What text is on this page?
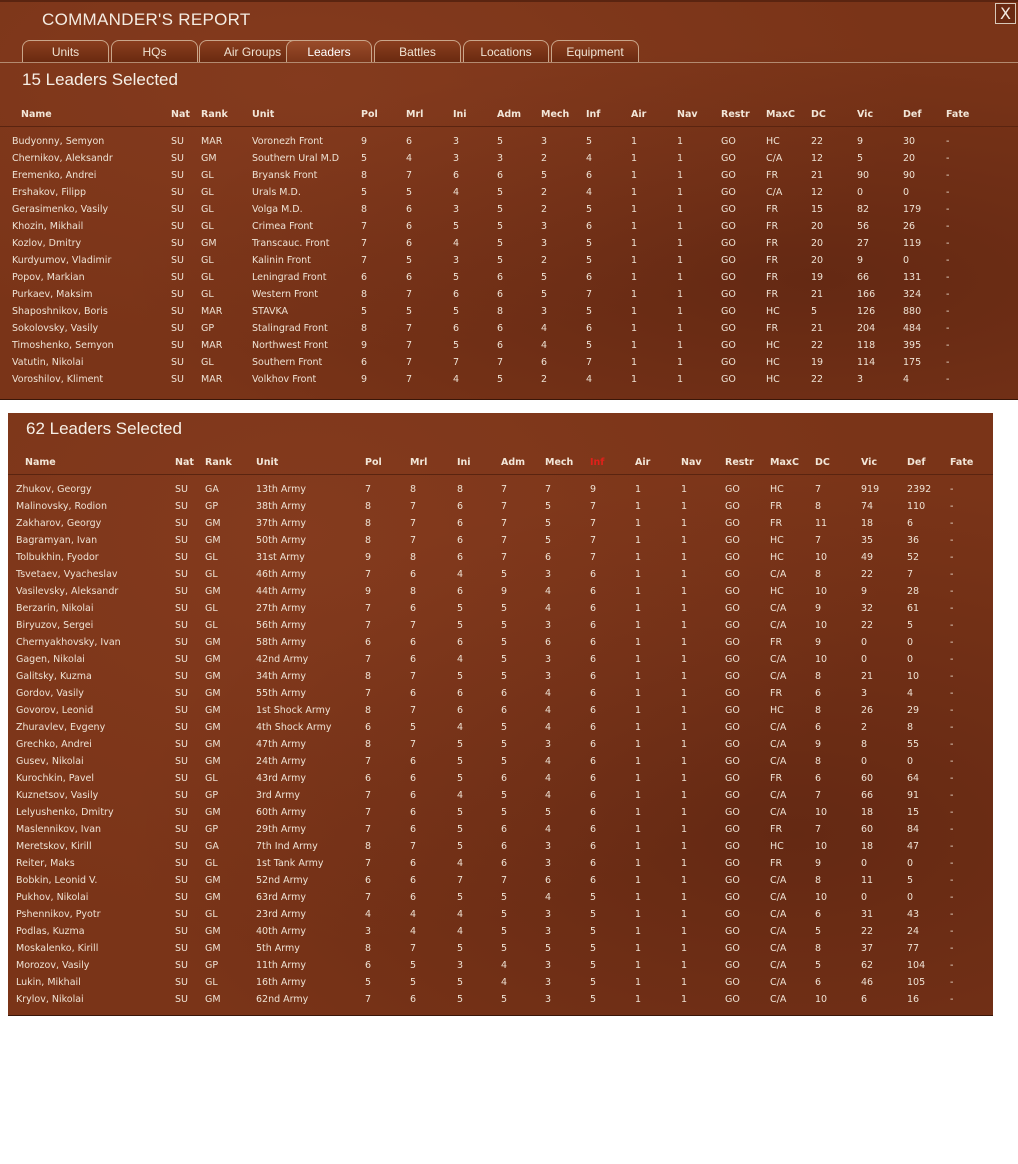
COMMANDER'S REPORT	X
Units	HQs	Air Groups	Leaders	Battles	Locations	Equipment
15 Leaders Selected
Name	Nat Rank	Unit	Pol	Mrl	Ini	Adm Mech Inf	Air	Nav Restr MaxC DC	Vic	Def	Fate
Budyonny, Semyon	SU MAR	Voronezh Front	9	6	3	5	3	5	1	1	GO	HC	22	9	30	-
Chernikov, Aleksandr	SU GM	Southern Ural M.D 5	4	3	3	2	4	1	1	GO	C/A	12	5	20	-
Eremenko, Andrei	SU GL	Bryansk Front	8	7	6	6	5	6	1	1	GO	FR	21	90	90	-
Ershakov, Filipp	SU GL	Urals M.D.	5	5	4	5	2	4	1	1	GO	C/A	12	0	0	-
Gerasimenko, Vasily	SU GL	Volga M.D.	8	6	3	5	2	5	1	1	GO	FR	15	82	179	-
Khozin, Mikhail	SU GL	Crimea Front	7	6	5	5	3	6	1	1	GO	FR	20	56	26	-
Kozlov, Dmitry	SU GM	Transcauc. Front	7	6	4	5	3	5	1	1	GO	FR	20	27	119	-
Kurdyumov, Vladimir	SU GL	Kalinin Front	7	5	3	5	2	5	1	1	GO	FR	20	9	0	-
Popov, Markian	SU GL	Leningrad Front	6	6	5	6	5	6	1	1	GO	FR	19	66	131	-
Purkaev, Maksim	SU GL	Western Front	8	7	6	6	5	7	1	1	GO	FR	21	166	324	-
Shaposhnikov, Boris	SU MAR	STAVKA	5	5	5	8	3	5	1	1	GO	HC	5	126	880	-
Sokolovsky, Vasily	SU GP	Stalingrad Front	8	7	6	6	4	6	1	1	GO	FR	21	204	484	-
Timoshenko, Semyon	SU MAR	Northwest Front	9	7	5	6	4	5	1	1	GO	HC	22	118	395	-
Vatutin, Nikolai	SU GL	Southern Front	6	7	7	7	6	7	1	1	GO	HC	19	114	175	-
Voroshilov, Kliment	SU MAR	Volkhov Front	9	7	4	5	2	4	1	1	GO	HC	22	3	4	-
62 Leaders Selected
Name	Nat Rank	Unit	Pol	Mrl	Ini	Adm Mech Inf	Air	Nav Restr MaxC DC	Vic	Def	Fate
Zhukov, Georgy	SU GA	13th Army	7	8	8	7	7	9	1	1	GO	HC	7	919	2392 -
Malinovsky, Rodion	SU GP	38th Army	8	7	6	7	5	7	1	1	GO	FR	8	74	110	-
Zakharov, Georgy	SU GM	37th Army	8	7	6	7	5	7	1	1	GO	FR	11	18	6	-
Bagramyan, Ivan	SU GM	50th Army	8	7	6	7	5	7	1	1	GO	HC	7	35	36	-
Tolbukhin, Fyodor	SU GL	31st Army	9	8	6	7	6	7	1	1	GO	HC	10	49	52	-
Tsvetaev, Vyacheslav	SU GL	46th Army	7	6	4	5	3	6	1	1	GO	C/A	8	22	7	-
Vasilevsky, Aleksandr	SU GM	44th Army	9	8	6	9	4	6	1	1	GO	HC	10	9	28	-
Berzarin, Nikolai	SU GL	27th Army	7	6	5	5	4	6	1	1	GO	C/A	9	32	61	-
Biryuzov, Sergei	SU GL	56th Army	7	7	5	5	3	6	1	1	GO	C/A	10	22	5	-
Chernyakhovsky, Ivan	SU GM	58th Army	6	6	6	5	6	6	1	1	GO	FR	9	0	0	-
Gagen, Nikolai	SU GM	42nd Army	7	6	4	5	3	6	1	1	GO	C/A	10	0	0	-
Galitsky, Kuzma	SU GM	34th Army	8	7	5	5	3	6	1	1	GO	C/A	8	21	10	-
Gordov, Vasily	SU GM	55th Army	7	6	6	6	4	6	1	1	GO	FR	6	3	4	-
Govorov, Leonid	SU GM	1st Shock Army	8	7	6	6	4	6	1	1	GO	HC	8	26	29	-
Zhuravlev, Evgeny	SU GM	4th Shock Army	6	5	4	5	4	6	1	1	GO	C/A	6	2	8	-
Grechko, Andrei	SU GM	47th Army	8	7	5	5	3	6	1	1	GO	C/A	9	8	55	-
Gusev, Nikolai	SU GM	24th Army	7	6	5	5	4	6	1	1	GO	C/A	8	0	0	-
Kurochkin, Pavel	SU GL	43rd Army	6	6	5	6	4	6	1	1	GO	FR	6	60	64	-
Kuznetsov, Vasily	SU GP	3rd Army	7	6	4	5	4	6	1	1	GO	C/A	7	66	91	-
Lelyushenko, Dmitry	SU GM	60th Army	7	6	5	5	5	6	1	1	GO	C/A	10	18	15	-
Maslennikov, Ivan	SU GP	29th Army	7	6	5	6	4	6	1	1	GO	FR	7	60	84	-
Meretskov, Kirill	SU GA	7th Ind Army	8	7	5	6	3	6	1	1	GO	HC	10	18	47	-
Reiter, Maks	SU GL	1st Tank Army	7	6	4	6	3	6	1	1	GO	FR	9	0	0	-
Bobkin, Leonid V.	SU GM	52nd Army	6	6	7	7	6	6	1	1	GO	C/A	8	11	5	-
Pukhov, Nikolai	SU GM	63rd Army	7	6	5	5	4	5	1	1	GO	C/A	10	0	0	-
Pshennikov, Pyotr	SU GL	23rd Army	4	4	4	5	3	5	1	1	GO	C/A	6	31	43	-
Podlas, Kuzma	SU GM	40th Army	3	4	4	5	3	5	1	1	GO	C/A	5	22	24	-
Moskalenko, Kirill	SU GM	5th Army	8	7	5	5	5	5	1	1	GO	C/A	8	37	77	-
Morozov, Vasily	SU GP	11th Army	6	5	3	4	3	5	1	1	GO	C/A	5	62	104	-
Lukin, Mikhail	SU GL	16th Army	5	5	5	4	3	5	1	1	GO	C/A	6	46	105	-
Krylov, Nikolai	SU GM	62nd Army	7	6	5	5	3	5	1	1	GO	C/A	10	6	16	-
